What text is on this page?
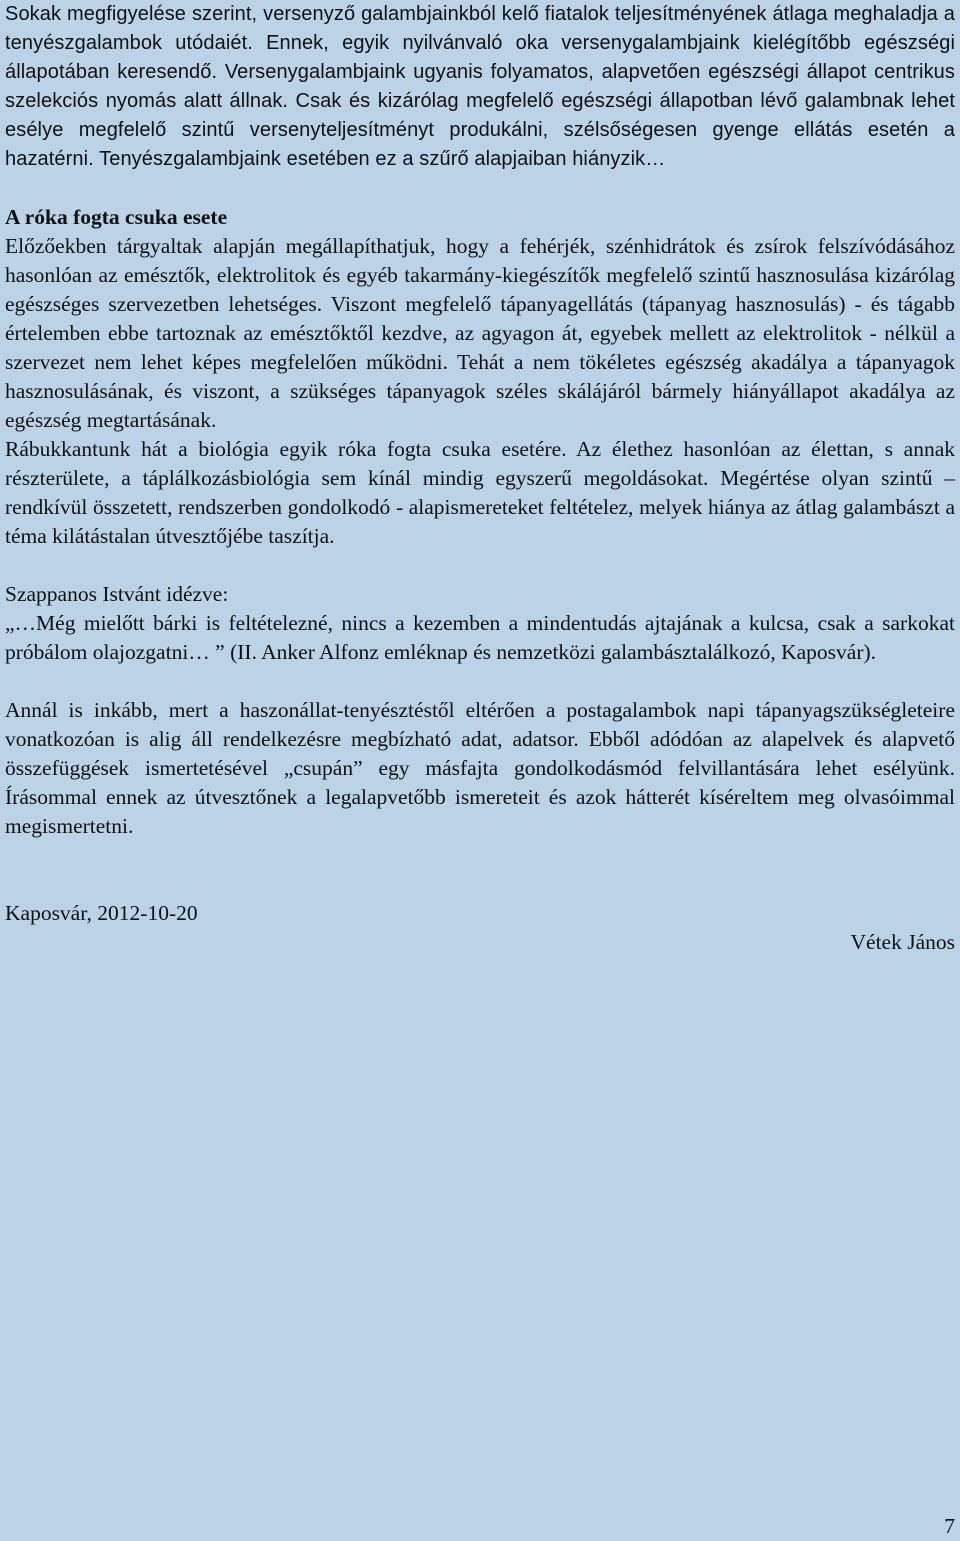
Sokak megfigyelése szerint, versenyző galambjainkból kelő fiatalok teljesítményének átlaga meghaladja a tenyészgalambok utódaiét. Ennek, egyik nyilvánvaló oka versenygalambjaink kielégítőbb egészségi állapotában keresendő. Versenygalambjaink ugyanis folyamatos, alapvetően egészségi állapot centrikus szelekciós nyomás alatt állnak. Csak és kizárólag megfelelő egészségi állapotban lévő galambnak lehet esélye megfelelő szintű versenyteljesítményt produkálni, szélsőségesen gyenge ellátás esetén a hazatérni. Tenyészgalambjaink esetében ez a szűrő alapjaiban hiányzik…

A róka fogta csuka esete

Előzőekben tárgyaltak alapján megállapíthatjuk, hogy a fehérjék, szénhidrátok és zsírok felszívódásához hasonlóan az emésztők, elektrolitok és egyéb takarmány-kiegészítők megfelelő szintű hasznosulása kizárólag egészséges szervezetben lehetséges. Viszont megfelelő tápanyagellátás (tápanyag hasznosulás) - és tágabb értelemben ebbe tartoznak az emésztőktől kezdve, az agyagon át, egyebek mellett az elektrolitok - nélkül a szervezet nem lehet képes megfelelően működni. Tehát a nem tökéletes egészség akadálya a tápanyagok hasznosulásának, és viszont, a szükséges tápanyagok széles skálájáról bármely hiányállapot akadálya az egészség megtartásának.

Rábukkantunk hát a biológia egyik róka fogta csuka esetére. Az élethez hasonlóan az élettan, s annak részterülete, a táplálkozásbiológia sem kínál mindig egyszerű megoldásokat. Megértése olyan szintű – rendkívül összetett, rendszerben gondolkodó - alapismereteket feltételez, melyek hiánya az átlag galambászt a téma kilátástalan útvesztőjébe taszítja.

Szappanos Istvánt idézve:

„…Még mielőtt bárki is feltételezné, nincs a kezemben a mindentudás ajtajának a kulcsa, csak a sarkokat próbálom olajozgatni… ” (II. Anker Alfonz emléknap és nemzetközi galambásztalálkozó, Kaposvár).

Annál is inkább, mert a haszonállat-tenyésztéstől eltérően a postagalambok napi tápanyagszükségleteire vonatkozóan is alig áll rendelkezésre megbízható adat, adatsor. Ebből adódóan az alapelvek és alapvető összefüggések ismertetésével „csupán” egy másfajta gondolkodásmód felvillantására lehet esélyünk. Írásommal ennek az útvesztőnek a legalapvetőbb ismereteit és azok hátterét kíséreltem meg olvasóimmal megismertetni.

Kaposvár, 2012-10-20

Vétek János

7
